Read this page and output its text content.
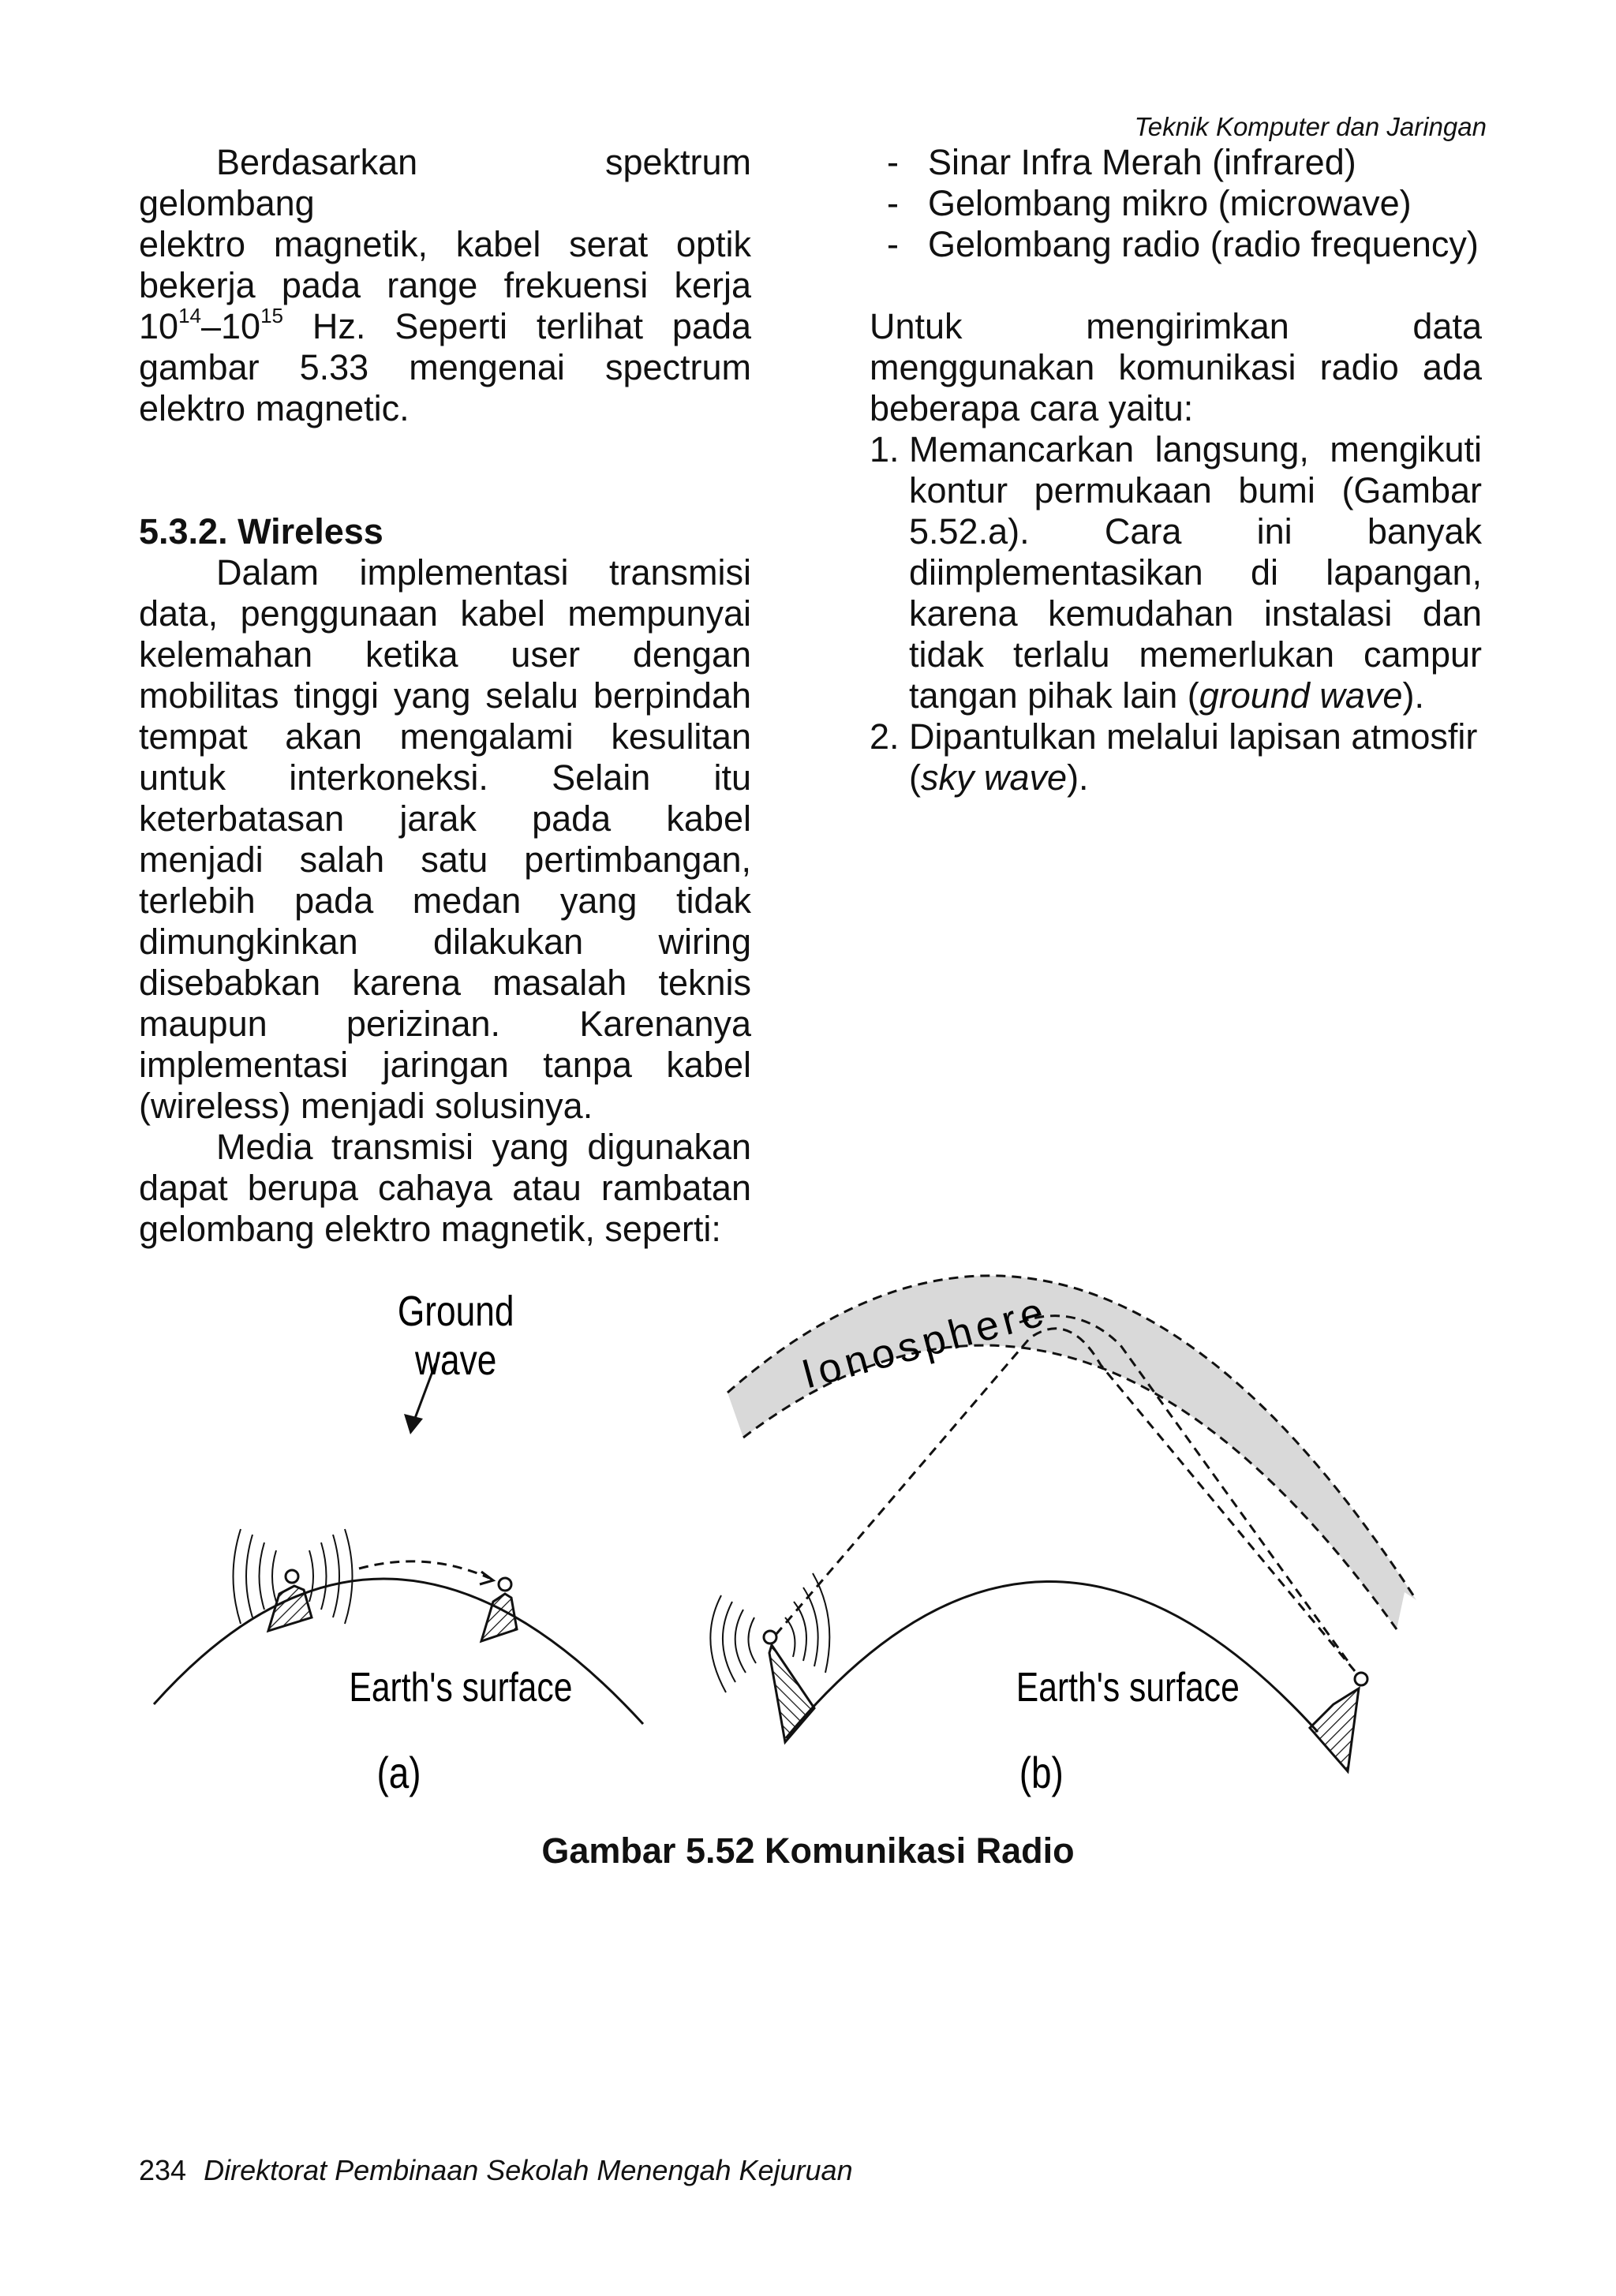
Teknik Komputer dan Jaringan

Berdasarkan spektrum gelombang

elektro magnetik, kabel serat optik

bekerja pada range frekuensi kerja

$10^{14}-10^{15}$ Hz. Seperti terlihat pada

gambar 5.33 mengenai spectrum

elektro magnetic.

5.3.2. Wireless

Dalam implementasi transmisi

data, penggunaan kabel mempunyai

kelemahan ketika user dengan

mobilitas tinggi yang selalu berpindah

tempat akan mengalami kesulitan

untuk interkoneksi. Selain itu

keterbatasan jarak pada kabel

menjadi salah satu pertimbangan,

terlebih pada medan yang tidak

dimungkinkan dilakukan wiring

disebabkan karena masalah teknis

maupun perizinan. Karenanya

implementasi jaringan tanpa kabel

(wireless) menjadi solusinya.

Media transmisi yang digunakan

dapat berupa cahaya atau rambatan

gelombang elektro magnetik, seperti:

- Sinar Infra Merah (infrared)

- Gelombang mikro (microwave)

- Gelombang radio (radio frequency)

Untuk mengirimkan data

menggunakan komunikasi radio ada

beberapa cara yaitu:

1. Memancarkan langsung, mengikuti

kontur permukaan bumi (Gambar

5.52.a). Cara ini banyak

diimplementasikan di lapangan,

karena kemudahan instalasi dan

tidak terlalu memerlukan campur

tangan pihak lain (ground wave).

2. Dipantulkan melalui lapisan atmosfir

(sky wave).

Ground
wave
Earth's surface
(a)
Ionosphere
Earth's surface
(b)
Gambar 5.52 Komunikasi Radio
234 Direktorat Pembinaan Sekolah Menengah Kejuruan
